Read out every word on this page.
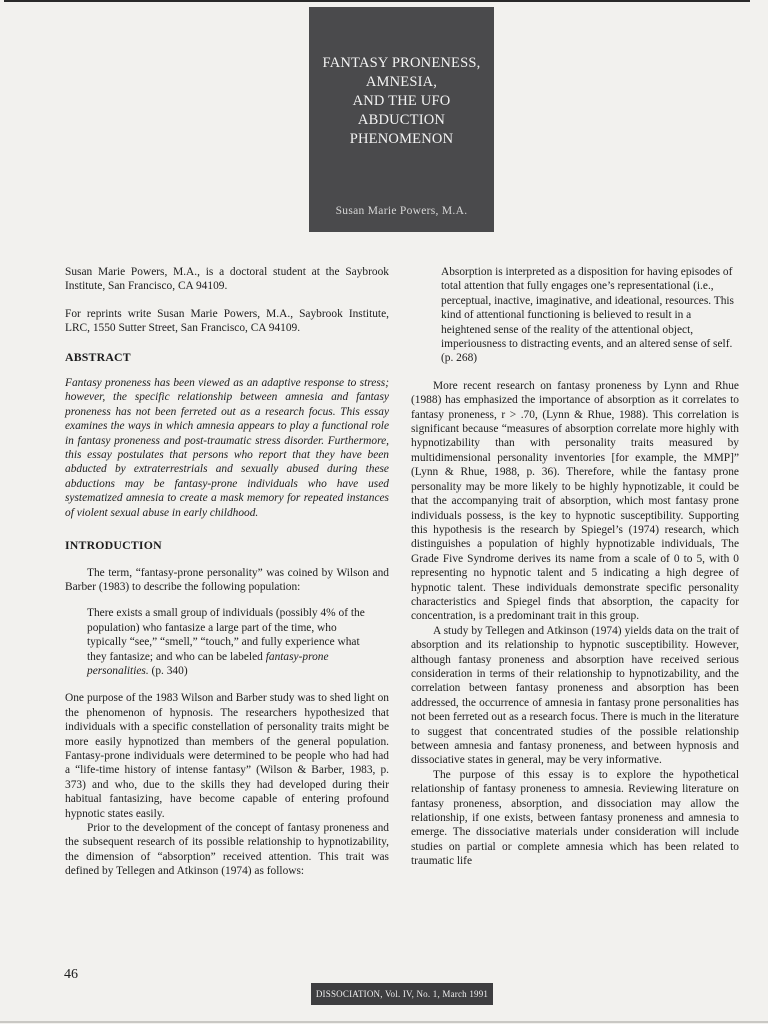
FANTASY PRONENESS,
AMNESIA,
AND THE UFO
ABDUCTION
PHENOMENON
Susan Marie Powers, M.A.

Susan Marie Powers, M.A., is a doctoral student at the Saybrook Institute, San Francisco, CA 94109.

For reprints write Susan Marie Powers, M.A., Saybrook Institute, LRC, 1550 Sutter Street, San Francisco, CA 94109.

ABSTRACT

Fantasy proneness has been viewed as an adaptive response to stress; however, the specific relationship between amnesia and fantasy proneness has not been ferreted out as a research focus. This essay examines the ways in which amnesia appears to play a functional role in fantasy proneness and post-traumatic stress disorder. Furthermore, this essay postulates that persons who report that they have been abducted by extraterrestrials and sexually abused during these abductions may be fantasy-prone individuals who have used systematized amnesia to create a mask memory for repeated instances of violent sexual abuse in early childhood.

INTRODUCTION

The term, “fantasy-prone personality” was coined by Wilson and Barber (1983) to describe the following population:

There exists a small group of individuals (possibly 4% of the population) who fantasize a large part of the time, who typically “see,” “smell,” “touch,” and fully experience what they fantasize; and who can be labeled fantasy-prone personalities. (p. 340)

One purpose of the 1983 Wilson and Barber study was to shed light on the phenomenon of hypnosis. The researchers hypothesized that individuals with a specific constellation of personality traits might be more easily hypnotized than members of the general population. Fantasy-prone individuals were determined to be people who had had a “life-time history of intense fantasy” (Wilson & Barber, 1983, p. 373) and who, due to the skills they had developed during their habitual fantasizing, have become capable of entering profound hypnotic states easily.

Prior to the development of the concept of fantasy proneness and the subsequent research of its possible relationship to hypnotizability, the dimension of “absorption” received attention. This trait was defined by Tellegen and Atkinson (1974) as follows:

Absorption is interpreted as a disposition for having episodes of total attention that fully engages one’s representational (i.e., perceptual, inactive, imaginative, and ideational, resources. This kind of attentional functioning is believed to result in a heightened sense of the reality of the attentional object, imperiousness to distracting events, and an altered sense of self. (p. 268)

More recent research on fantasy proneness by Lynn and Rhue (1988) has emphasized the importance of absorption as it correlates to fantasy proneness, r > .70, (Lynn & Rhue, 1988). This correlation is significant because “measures of absorption correlate more highly with hypnotizability than with personality traits measured by multidimensional personality inventories [for example, the MMP]” (Lynn & Rhue, 1988, p. 36). Therefore, while the fantasy prone personality may be more likely to be highly hypnotizable, it could be that the accompanying trait of absorption, which most fantasy prone individuals possess, is the key to hypnotic susceptibility. Supporting this hypothesis is the research by Spiegel’s (1974) research, which distinguishes a population of highly hypnotizable individuals, The Grade Five Syndrome derives its name from a scale of 0 to 5, with 0 representing no hypnotic talent and 5 indicating a high degree of hypnotic talent. These individuals demonstrate specific personality characteristics and Spiegel finds that absorption, the capacity for concentration, is a predominant trait in this group.

A study by Tellegen and Atkinson (1974) yields data on the trait of absorption and its relationship to hypnotic susceptibility. However, although fantasy proneness and absorption have received serious consideration in terms of their relationship to hypnotizability, and the correlation between fantasy proneness and absorption has been addressed, the occurrence of amnesia in fantasy prone personalities has not been ferreted out as a research focus. There is much in the literature to suggest that concentrated studies of the possible relationship between amnesia and fantasy proneness, and between hypnosis and dissociative states in general, may be very informative.

The purpose of this essay is to explore the hypothetical relationship of fantasy proneness to amnesia. Reviewing literature on fantasy proneness, absorption, and dissociation may allow the relationship, if one exists, between fantasy proneness and amnesia to emerge. The dissociative materials under consideration will include studies on partial or complete amnesia which has been related to traumatic life

46
DISSOCIATION, Vol. IV, No. 1, March 1991
